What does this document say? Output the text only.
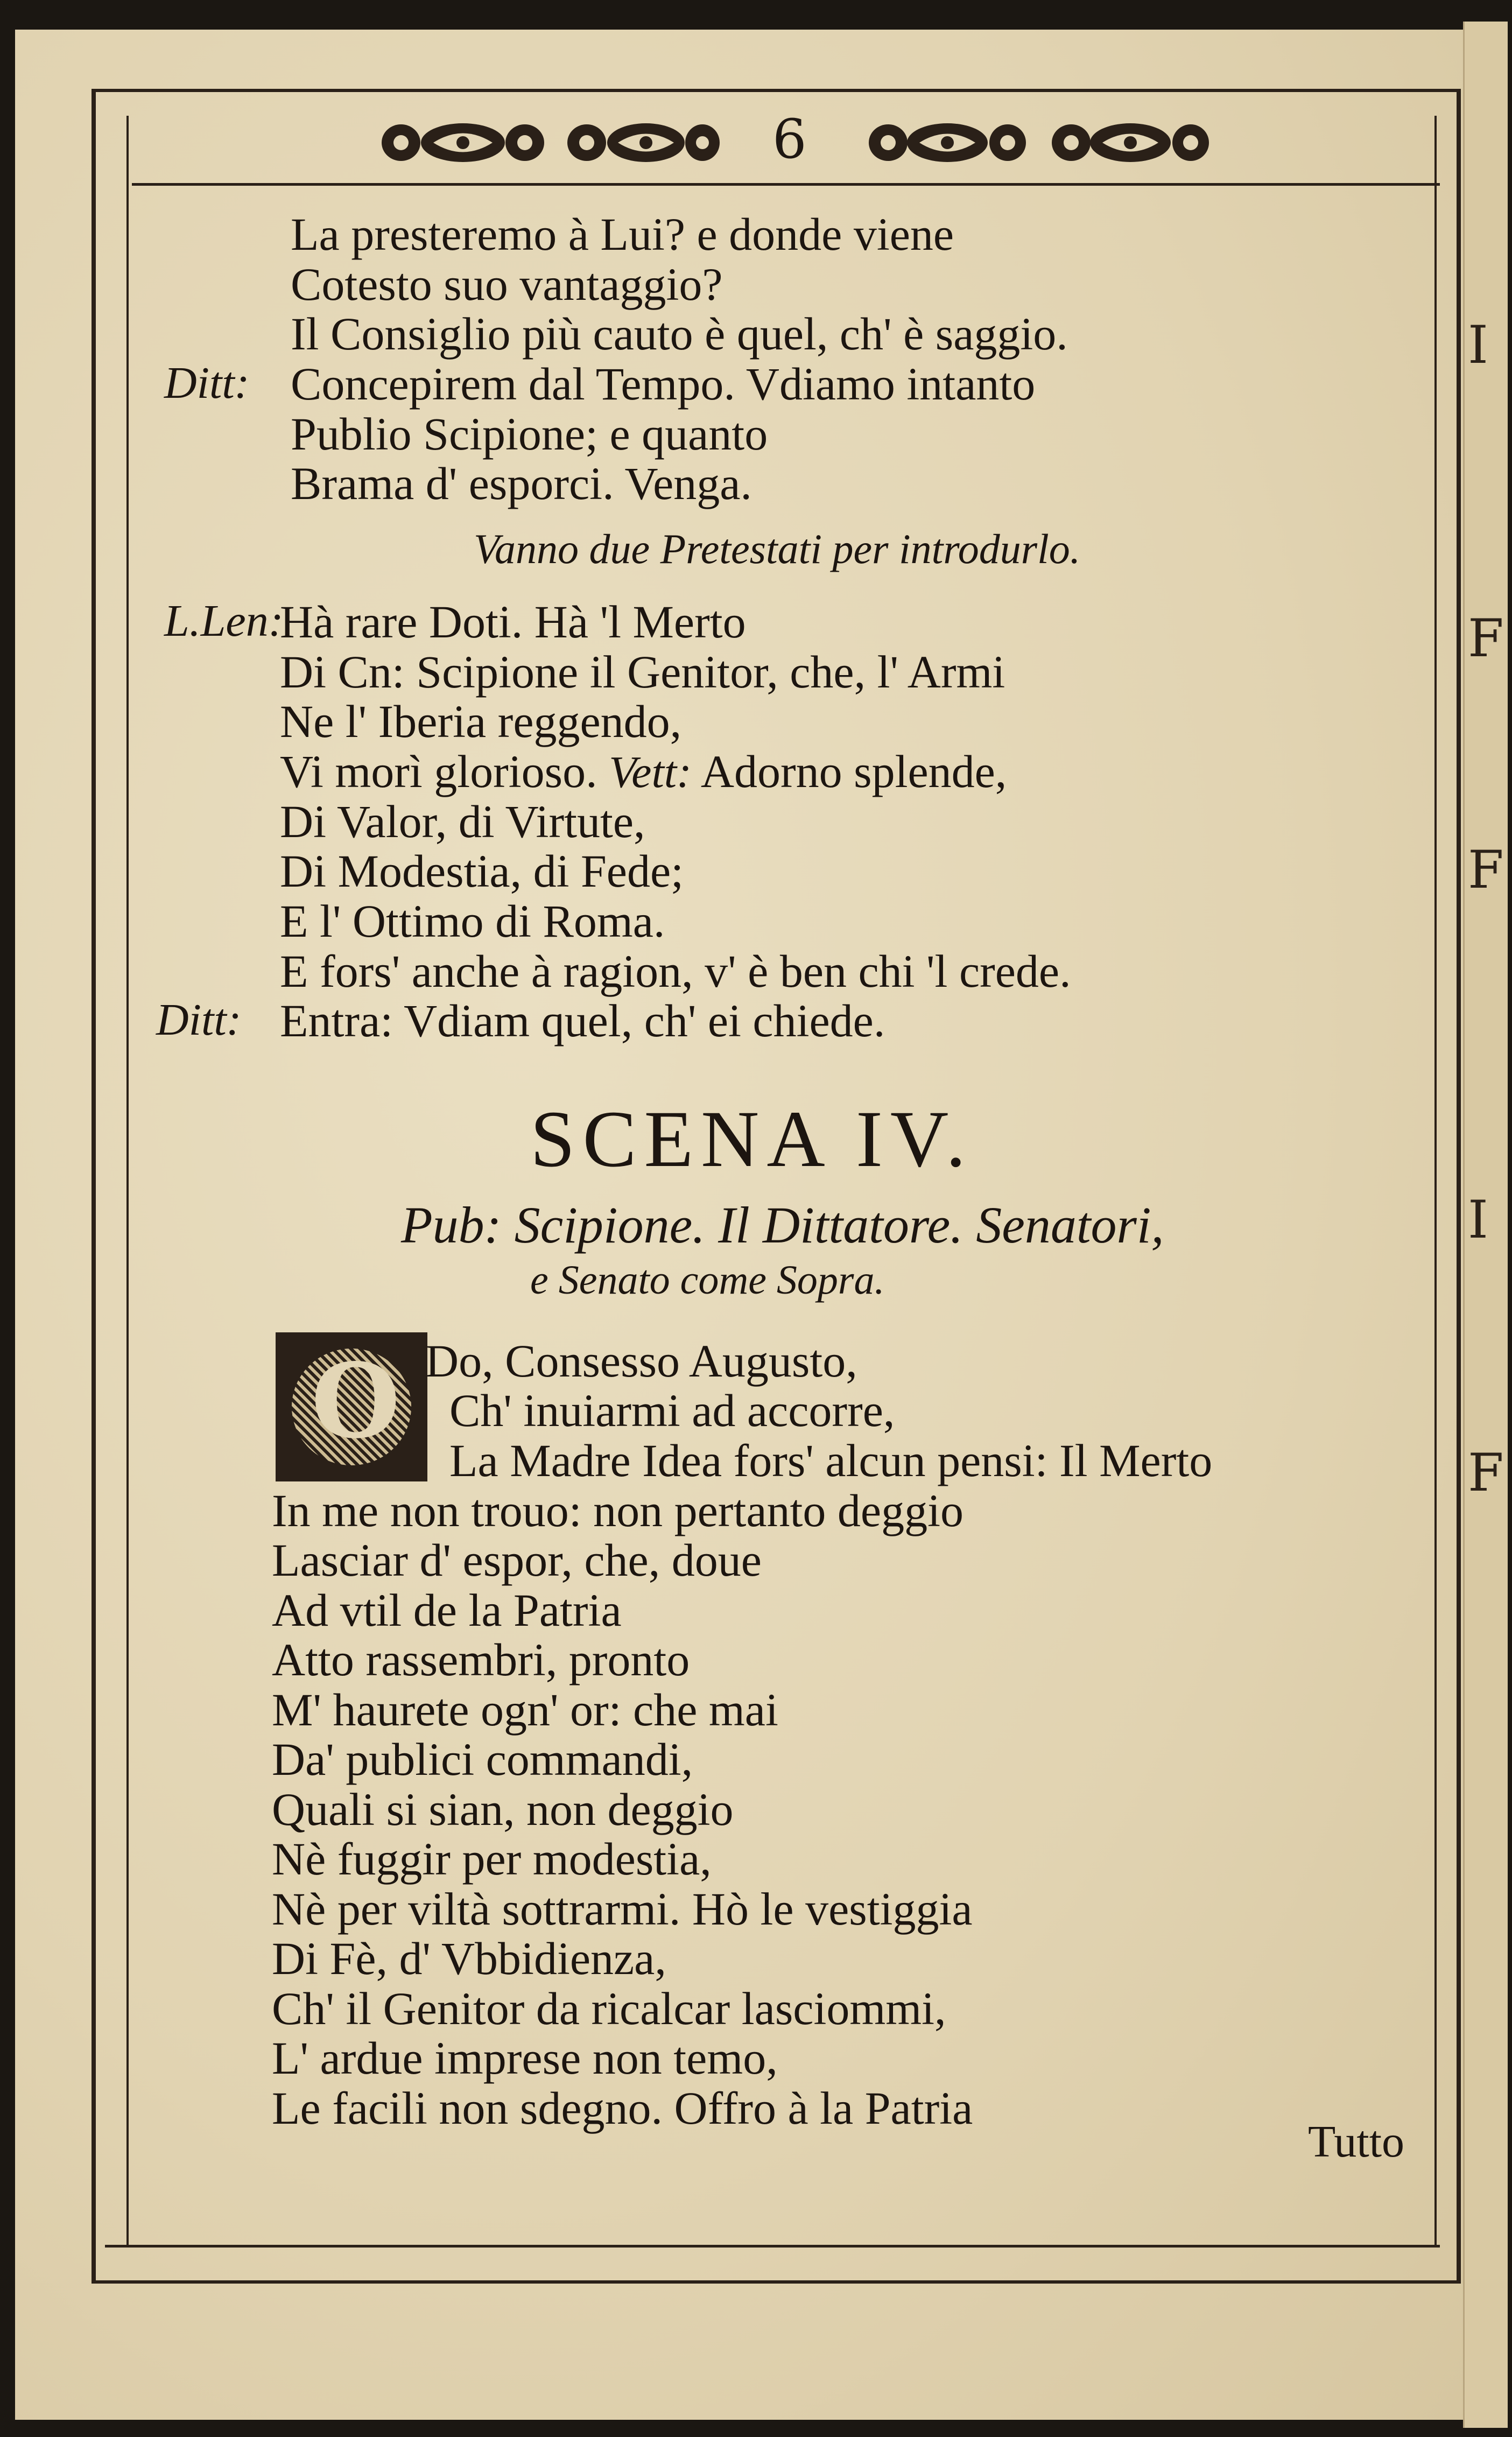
I
F
F
I
F
6
La presteremo à Lui? e donde viene
Cotesto suo vantaggio?
Il Consiglio più cauto è quel, ch' è saggio.
Ditt: Concepirem dal Tempo. Vdiamo intanto
Publio Scipione; e quanto
Brama d' esporci. Venga.
Vanno due Pretestati per introdurlo.
L.Len:
Hà rare Doti. Hà 'l Merto
Di Cn: Scipione il Genitor, che, l' Armi
Ne l' Iberia reggendo,
Vi morì glorioso. Vett: Adorno splende,
Di Valor, di Virtute,
Di Modestia, di Fede;
E l' Ottimo di Roma.
E fors' anche à ragion, v' è ben chi 'l crede.
Ditt: Entra: Vdiam quel, ch' ei chiede.
SCENA IV.
Pub: Scipione. Il Dittatore. Senatori,
e Senato come Sopra.
O Do, Consesso Augusto,
Ch' inuiarmi ad accorre,
La Madre Idea fors' alcun pensi: Il Merto
In me non trouo: non pertanto deggio
Lasciar d' espor, che, doue
Ad vtil de la Patria
Atto rassembri, pronto
M' haurete ogn' or: che mai
Da' publici commandi,
Quali si sian, non deggio
Nè fuggir per modestia,
Nè per viltà sottrarmi. Hò le vestiggia
Di Fè, d' Vbbidienza,
Ch' il Genitor da ricalcar lasciommi,
L' ardue imprese non temo,
Le facili non sdegno. Offro à la Patria
Tutto
